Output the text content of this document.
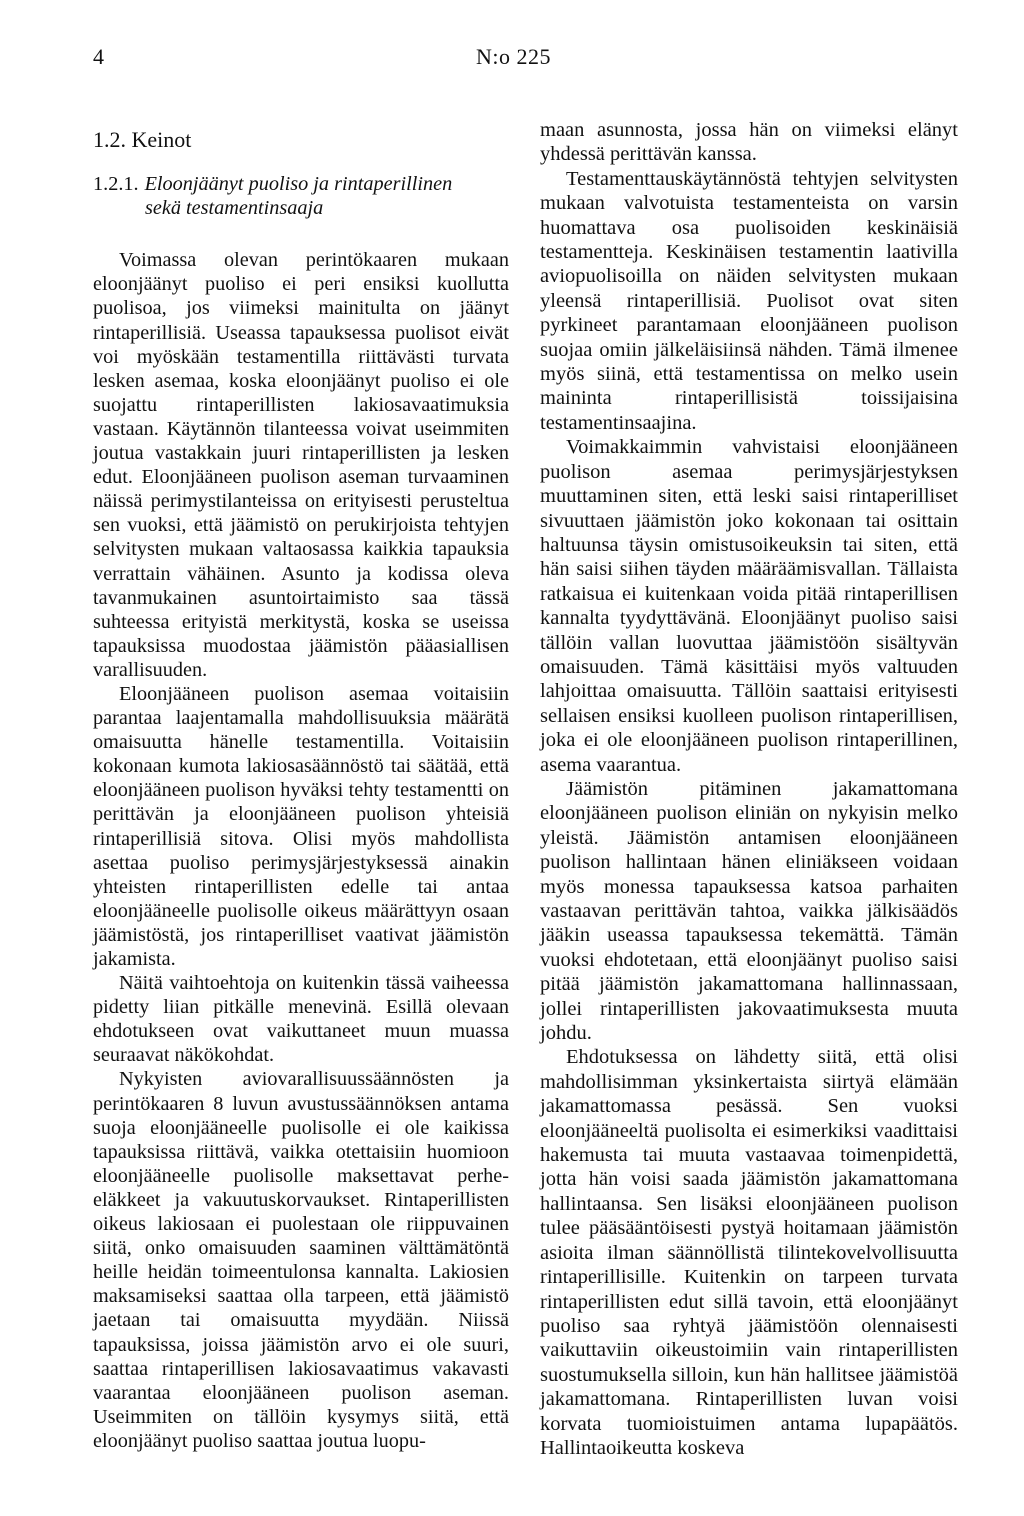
4	N:o 225
1.2. Keinot
1.2.1. Eloonjäänyt puoliso ja rintaperillinen
sekä testamentinsaaja

Voimassa olevan perintökaaren mukaan eloonjäänyt puoliso ei peri ensiksi kuollutta puolisoa, jos viimeksi mainitulta on jäänyt rintaperillisiä. Useassa tapauksessa puolisot eivät voi myöskään testamentilla riittävästi turvata lesken asemaa, koska eloonjäänyt puoliso ei ole suojattu rintaperillisten lakiosavaatimuksia vastaan. Käytännön tilanteessa voivat useimmiten joutua vastakkain juuri rintaperillisten ja lesken edut. Eloonjääneen puolison aseman turvaaminen näissä perimystilanteissa on erityisesti perusteltua sen vuoksi, että jäämistö on perukirjoista tehtyjen selvitysten mukaan valtaosassa kaikkia tapauksia verrattain vähäinen. Asunto ja kodissa oleva tavanmukainen asuntoirtaimisto saa tässä suhteessa erityistä merkitystä, koska se useissa tapauksissa muodostaa jäämistön pääasiallisen varallisuuden.

Eloonjääneen puolison asemaa voitaisiin parantaa laajentamalla mahdollisuuksia määrätä omaisuutta hänelle testamentilla. Voitaisiin kokonaan kumota lakiosasäännöstö tai säätää, että eloonjääneen puolison hyväksi tehty testamentti on perittävän ja eloonjääneen puolison yhteisiä rintaperillisiä sitova. Olisi myös mahdollista asettaa puoliso perimysjärjestyksessä ainakin yhteisten rintaperillisten edelle tai antaa eloonjääneelle puolisolle oikeus määrättyyn osaan jäämistöstä, jos rintaperilliset vaativat jäämistön jakamista.

Näitä vaihtoehtoja on kuitenkin tässä vaiheessa pidetty liian pitkälle menevinä. Esillä olevaan ehdotukseen ovat vaikuttaneet muun muassa seuraavat näkökohdat.

Nykyisten aviovarallisuussäännösten ja perintökaaren 8 luvun avustussäännöksen antama suoja eloonjääneelle puolisolle ei ole kaikissa tapauksissa riittävä, vaikka otettaisiin huomioon eloonjääneelle puolisolle maksettavat perhe-eläkkeet ja vakuutuskorvaukset. Rintaperillisten oikeus lakiosaan ei puolestaan ole riippuvainen siitä, onko omaisuuden saaminen välttämätöntä heille heidän toimeentulonsa kannalta. Lakiosien maksamiseksi saattaa olla tarpeen, että jäämistö jaetaan tai omaisuutta myydään. Niissä tapauksissa, joissa jäämistön arvo ei ole suuri, saattaa rintaperillisen lakiosavaatimus vakavasti vaarantaa eloonjääneen puolison aseman. Useimmiten on tällöin kysymys siitä, että eloonjäänyt puoliso saattaa joutua luopu-

maan asunnosta, jossa hän on viimeksi elänyt yhdessä perittävän kanssa.

Testamenttauskäytännöstä tehtyjen selvitysten mukaan valvotuista testamenteista on varsin huomattava osa puolisoiden keskinäisiä testamentteja. Keskinäisen testamentin laativilla aviopuolisoilla on näiden selvitysten mukaan yleensä rintaperillisiä. Puolisot ovat siten pyrkineet parantamaan eloonjääneen puolison suojaa omiin jälkeläisiinsä nähden. Tämä ilmenee myös siinä, että testamentissa on melko usein maininta rintaperillisistä toissijaisina testamentinsaajina.

Voimakkaimmin vahvistaisi eloonjääneen puolison asemaa perimysjärjestyksen muuttaminen siten, että leski saisi rintaperilliset sivuuttaen jäämistön joko kokonaan tai osittain haltuunsa täysin omistusoikeuksin tai siten, että hän saisi siihen täyden määräämisvallan. Tällaista ratkaisua ei kuitenkaan voida pitää rintaperillisen kannalta tyydyttävänä. Eloonjäänyt puoliso saisi tällöin vallan luovuttaa jäämistöön sisältyvän omaisuuden. Tämä käsittäisi myös valtuuden lahjoittaa omaisuutta. Tällöin saattaisi erityisesti sellaisen ensiksi kuolleen puolison rintaperillisen, joka ei ole eloonjääneen puolison rintaperillinen, asema vaarantua.

Jäämistön pitäminen jakamattomana eloonjääneen puolison eliniän on nykyisin melko yleistä. Jäämistön antamisen eloonjääneen puolison hallintaan hänen eliniäkseen voidaan myös monessa tapauksessa katsoa parhaiten vastaavan perittävän tahtoa, vaikka jälkisäädös jääkin useassa tapauksessa tekemättä. Tämän vuoksi ehdotetaan, että eloonjäänyt puoliso saisi pitää jäämistön jakamattomana hallinnassaan, jollei rintaperillisten jakovaatimuksesta muuta johdu.

Ehdotuksessa on lähdetty siitä, että olisi mahdollisimman yksinkertaista siirtyä elämään jakamattomassa pesässä. Sen vuoksi eloonjääneeltä puolisolta ei esimerkiksi vaadittaisi hakemusta tai muuta vastaavaa toimenpidettä, jotta hän voisi saada jäämistön jakamattomana hallintaansa. Sen lisäksi eloonjääneen puolison tulee pääsääntöisesti pystyä hoitamaan jäämistön asioita ilman säännöllistä tilintekovelvollisuutta rintaperillisille. Kuitenkin on tarpeen turvata rintaperillisten edut sillä tavoin, että eloonjäänyt puoliso saa ryhtyä jäämistöön olennaisesti vaikuttaviin oikeustoimiin vain rintaperillisten suostumuksella silloin, kun hän hallitsee jäämistöä jakamattomana. Rintaperillisten luvan voisi korvata tuomioistuimen antama lupapäätös. Hallintaoikeutta koskeva
